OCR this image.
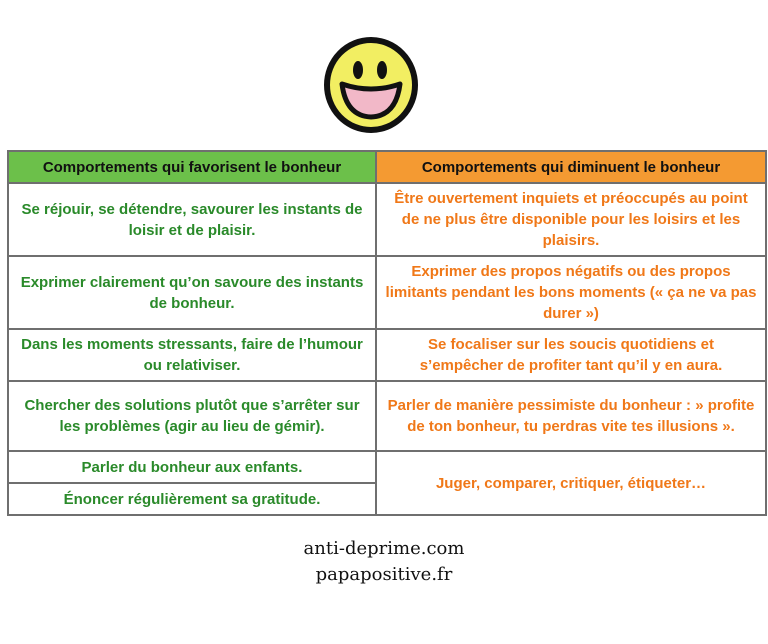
Comportements qui favorisent le bonheur	Comportements qui diminuent le bonheur
Se réjouir, se détendre, savourer les instants de loisir et de plaisir.	Être ouvertement inquiets et préoccupés au point de ne plus être disponible pour les loisirs et les plaisirs.
Exprimer clairement qu’on savoure des instants de bonheur.	Exprimer des propos négatifs ou des propos limitants pendant les bons moments (« ça ne va pas durer »)
Dans les moments stressants, faire de l’humour ou relativiser.	Se focaliser sur les soucis quotidiens et s’empêcher de profiter tant qu’il y en aura.
Chercher des solutions plutôt que s’arrêter sur les problèmes (agir au lieu de gémir).	Parler de manière pessimiste du bonheur : » profite de ton bonheur, tu perdras vite tes illusions ».
Parler du bonheur aux enfants.	Juger, comparer, critiquer, étiqueter…
Énoncer régulièrement sa gratitude.	
anti-deprime.com
papapositive.fr
